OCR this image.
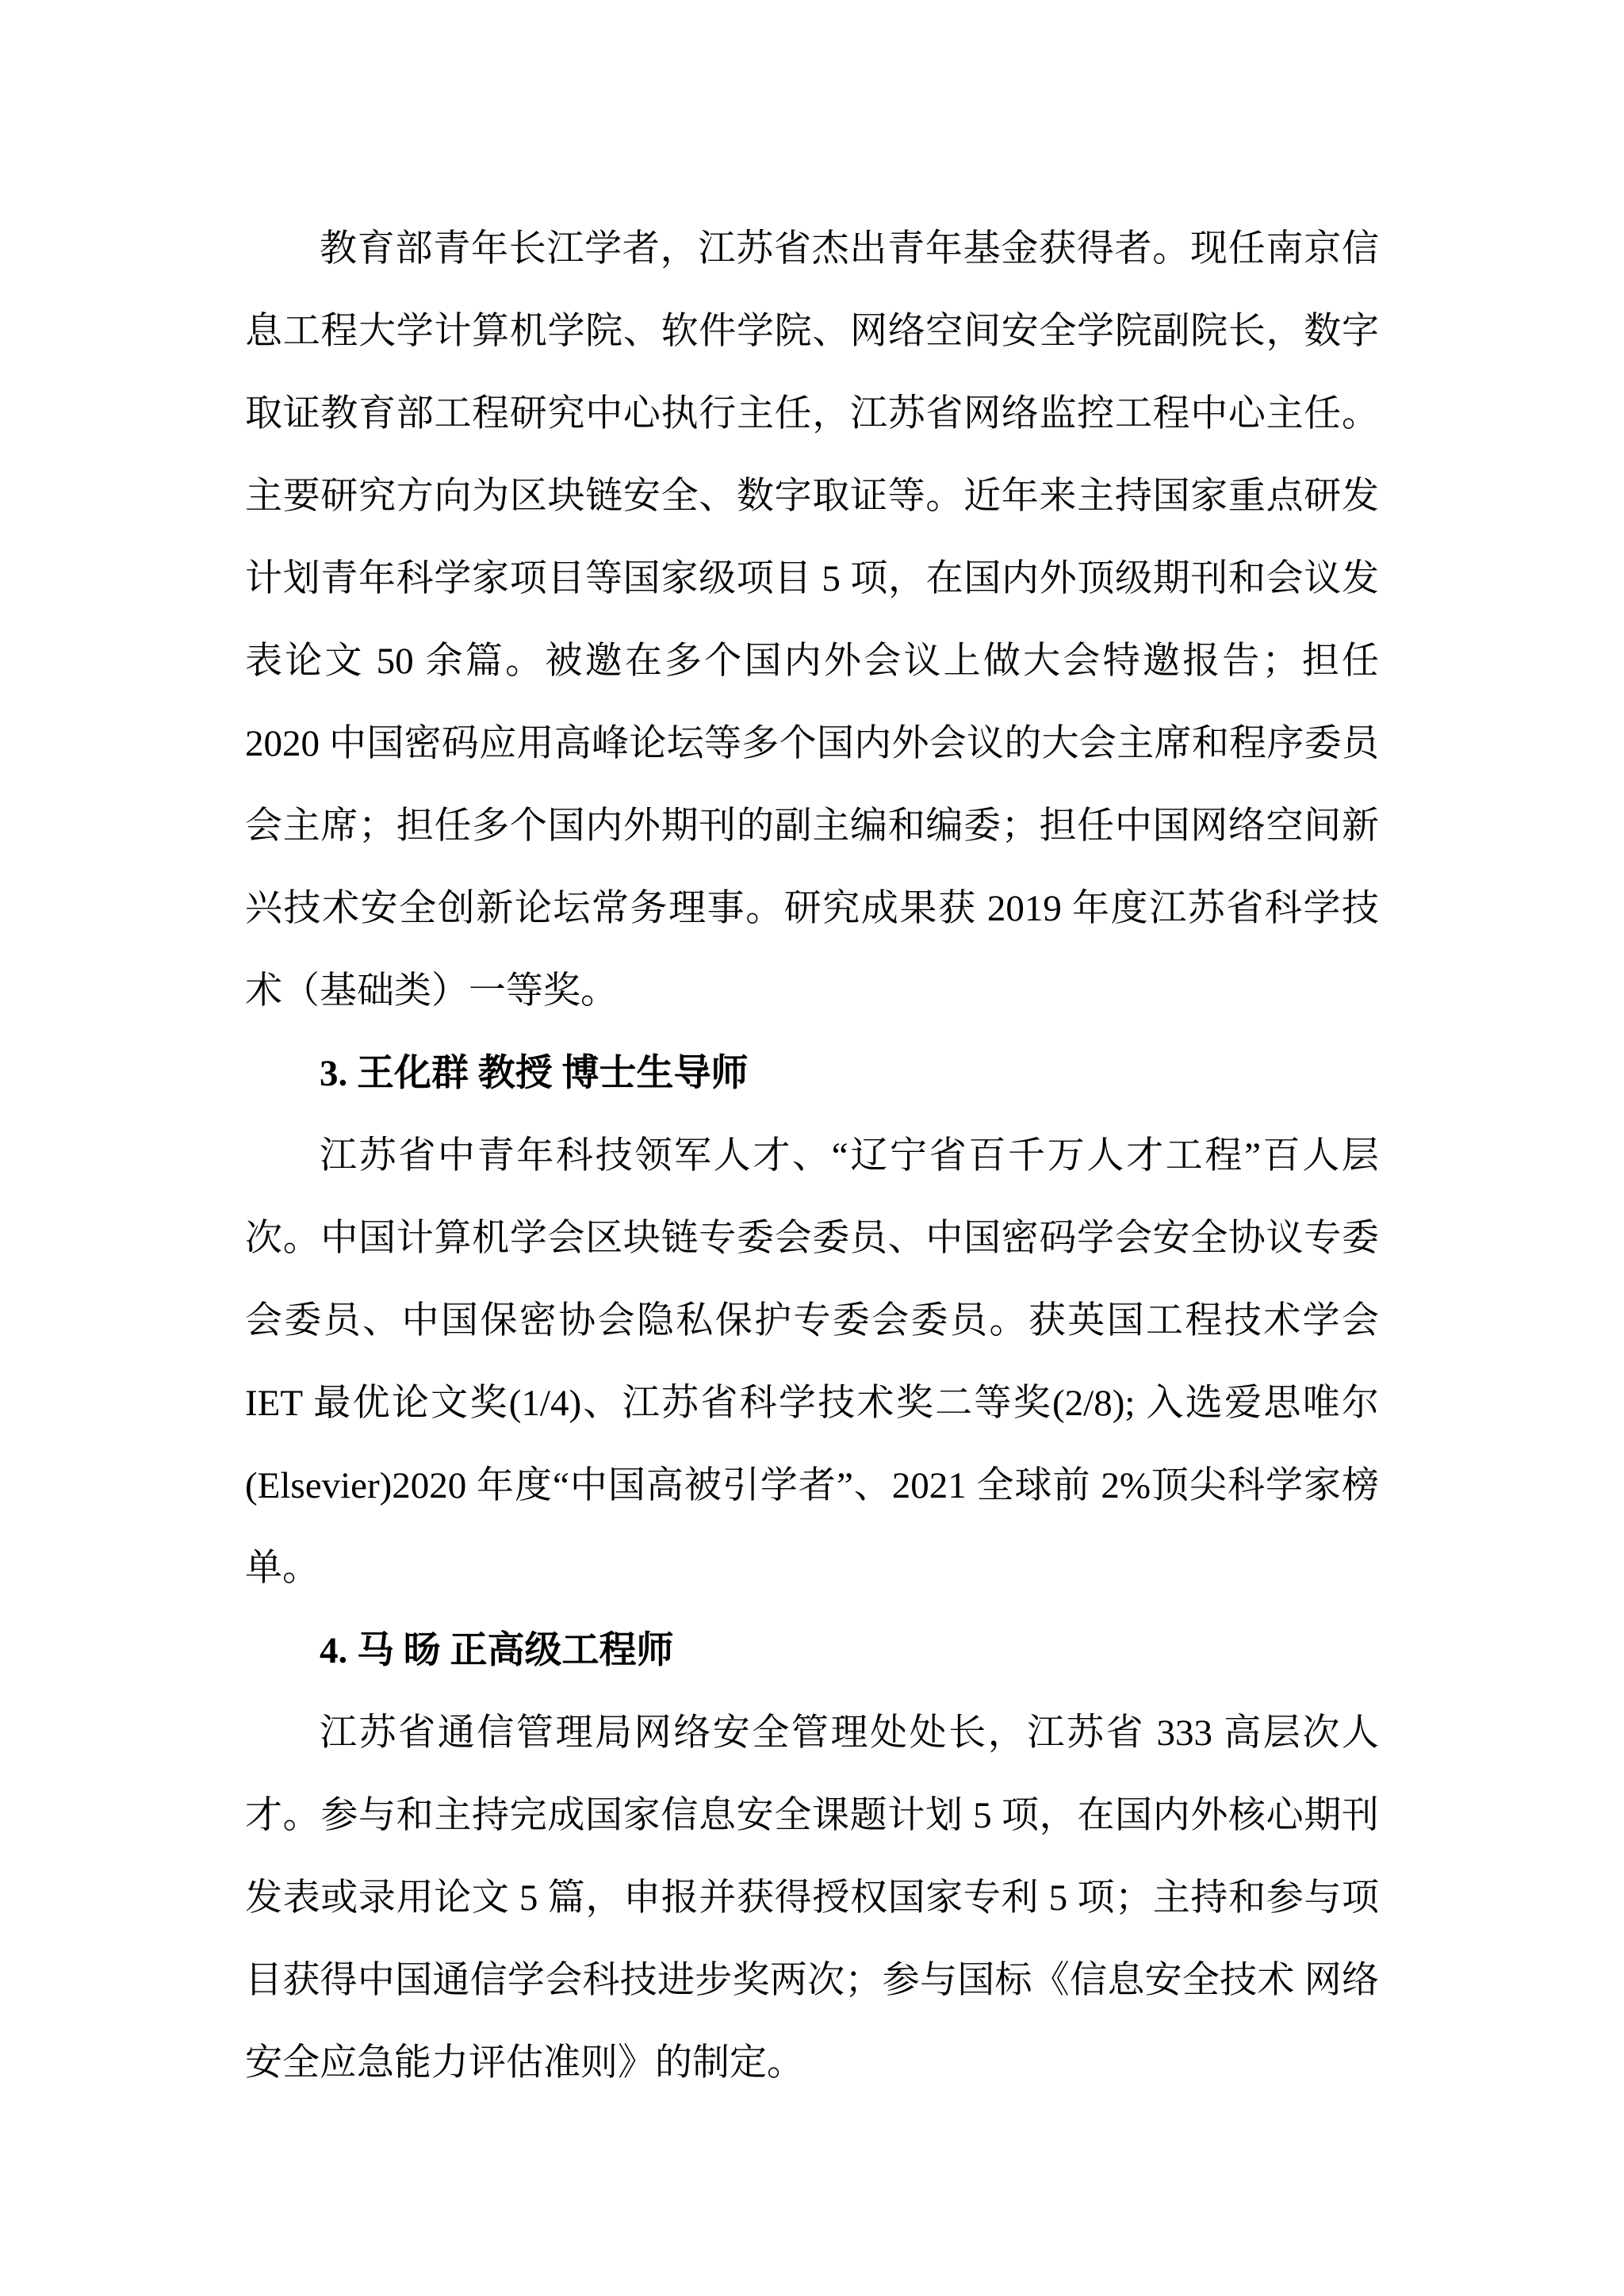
教育部青年长江学者，江苏省杰出青年基金获得者。现任南京信息工程大学计算机学院、软件学院、网络空间安全学院副院长，数字取证教育部工程研究中心执行主任，江苏省网络监控工程中心主任。主要研究方向为区块链安全、数字取证等。近年来主持国家重点研发计划青年科学家项目等国家级项目 5 项，在国内外顶级期刊和会议发表论文 50 余篇。被邀在多个国内外会议上做大会特邀报告；担任 2020 中国密码应用高峰论坛等多个国内外会议的大会主席和程序委员会主席；担任多个国内外期刊的副主编和编委；担任中国网络空间新兴技术安全创新论坛常务理事。研究成果获 2019 年度江苏省科学技术（基础类）一等奖。

3. 王化群 教授 博士生导师

江苏省中青年科技领军人才、“辽宁省百千万人才工程”百人层次。中国计算机学会区块链专委会委员、中国密码学会安全协议专委会委员、中国保密协会隐私保护专委会委员。获英国工程技术学会 IET 最优论文奖(1/4)、江苏省科学技术奖二等奖(2/8); 入选爱思唯尔(Elsevier)2020 年度“中国高被引学者”、2021 全球前 2%顶尖科学家榜单。

4. 马 旸 正高级工程师

江苏省通信管理局网络安全管理处处长，江苏省 333 高层次人才。参与和主持完成国家信息安全课题计划 5 项，在国内外核心期刊发表或录用论文 5 篇，申报并获得授权国家专利 5 项；主持和参与项目获得中国通信学会科技进步奖两次；参与国标《信息安全技术 网络安全应急能力评估准则》的制定。
